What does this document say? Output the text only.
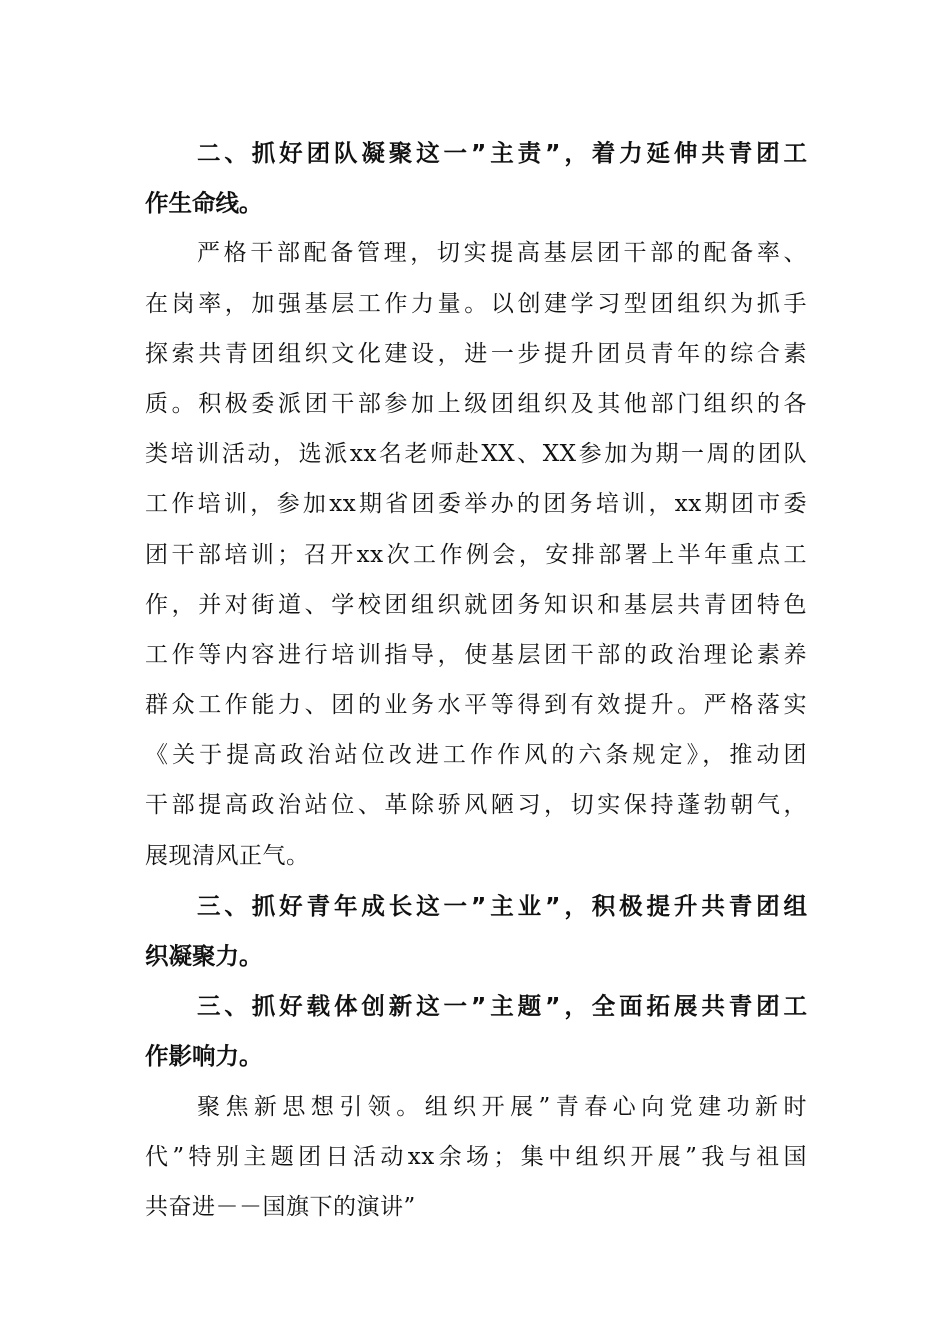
二、抓好团队凝聚这一”主责”，着力延伸共青团工
作生命线。
严格干部配备管理，切实提高基层团干部的配备率、
在岗率，加强基层工作力量。以创建学习型团组织为抓手
探索共青团组织文化建设，进一步提升团员青年的综合素
质。积极委派团干部参加上级团组织及其他部门组织的各
类培训活动，选派xx名老师赴XX、XX参加为期一周的团队
工作培训，参加xx期省团委举办的团务培训，xx期团市委
团干部培训；召开xx次工作例会，安排部署上半年重点工
作，并对街道、学校团组织就团务知识和基层共青团特色
工作等内容进行培训指导，使基层团干部的政治理论素养
群众工作能力、团的业务水平等得到有效提升。严格落实
《关于提高政治站位改进工作作风的六条规定》，推动团
干部提高政治站位、革除骄风陋习，切实保持蓬勃朝气，
展现清风正气。
三、抓好青年成长这一”主业”，积极提升共青团组
织凝聚力。
三、抓好载体创新这一”主题”，全面拓展共青团工
作影响力。
聚焦新思想引领。组织开展”青春心向党建功新时
代”特别主题团日活动xx余场；集中组织开展”我与祖国
共奋进－－国旗下的演讲”
